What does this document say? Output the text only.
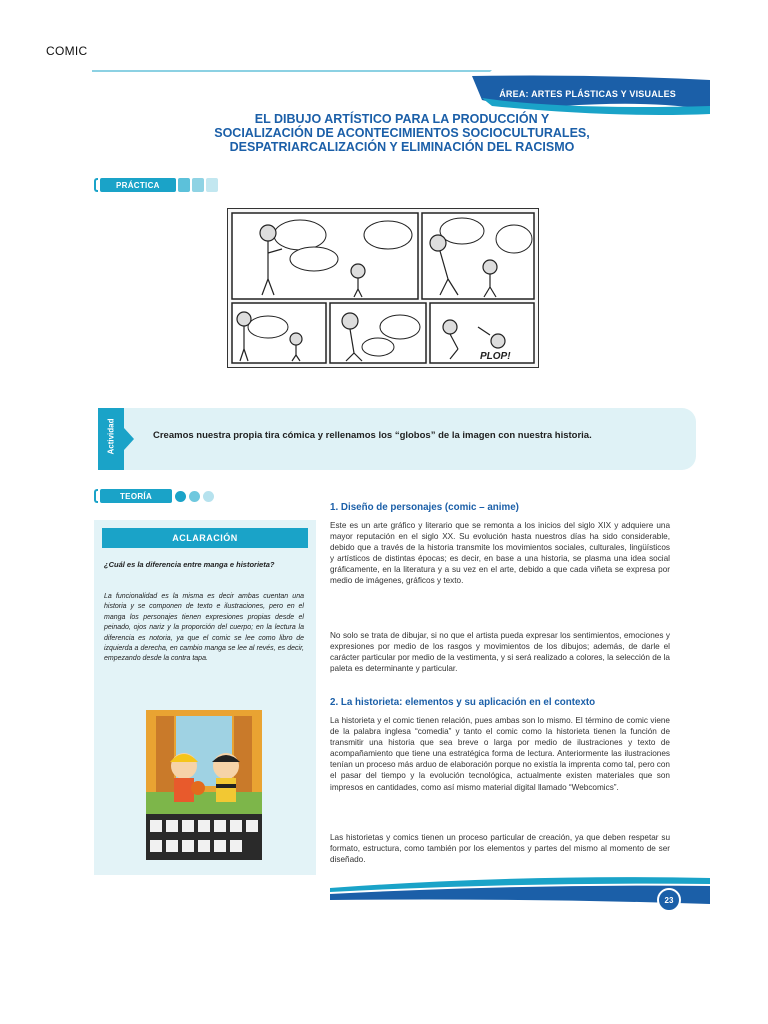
COMIC
ÁREA: ARTES PLÁSTICAS Y VISUALES
EL DIBUJO ARTÍSTICO PARA LA PRODUCCIÓN Y
SOCIALIZACIÓN DE ACONTECIMIENTOS SOCIOCULTURALES,
DESPATRIARCALIZACIÓN Y ELIMINACIÓN DEL RACISMO
PRÁCTICA
PLOP!
Actividad	Creamos nuestra propia tira cómica y rellenamos los “globos” de la imagen con nuestra historia.
TEORÍA
ACLARACIÓN
¿Cuál es la diferencia entre manga e historieta?
La funcionalidad es la misma es decir ambas cuentan una historia y se componen de texto e ilustraciones, pero en el manga los personajes tienen expresiones propias desde el peinado, ojos nariz y la proporción del cuerpo; en la lectura la diferencia es notoria, ya que el comic se lee como libro de izquierda a derecha, en cambio manga se lee al revés, es decir, empezando desde la contra tapa.
1. Diseño de personajes (comic – anime)
Este es un arte gráfico y literario que se remonta a los inicios del siglo XIX y adquiere una mayor reputación en el siglo XX. Su evolución hasta nuestros días ha sido considerable, debido que a través de la historia transmite los movimientos sociales, culturales, lingüísticos y artísticos de distintas épocas; es decir, en base a una historia, se plasma una idea social gráficamente, en la literatura y a su vez en el arte, debido a que cada viñeta se expresa por medio de imágenes, gráficos y texto.
No solo se trata de dibujar, si no que el artista pueda expresar los sentimientos, emociones y expresiones por medio de los rasgos y movimientos de los dibujos; además, de darle el carácter particular por medio de la vestimenta, y si será realizado a colores, la selección de la paleta es determinante y particular.
2. La historieta: elementos y su aplicación en el contexto
La historieta y el comic tienen relación, pues ambas son lo mismo. El término de comic viene de la palabra inglesa “comedia” y tanto el comic como la historieta tienen la función de transmitir una historia que sea breve o larga por medio de ilustraciones y texto de acompañamiento que tiene una estratégica forma de lectura. Anteriormente las ilustraciones tenían un proceso más arduo de elaboración porque no existía la imprenta como tal, pero con el pasar del tiempo y la evolución tecnológica, actualmente existen materiales que son impresos en cantidades, como así mismo material digital llamado “Webcomics”.
Las historietas y comics tienen un proceso particular de creación, ya que deben respetar su formato, estructura, como también por los elementos y partes del mismo al momento de ser diseñado.
23
